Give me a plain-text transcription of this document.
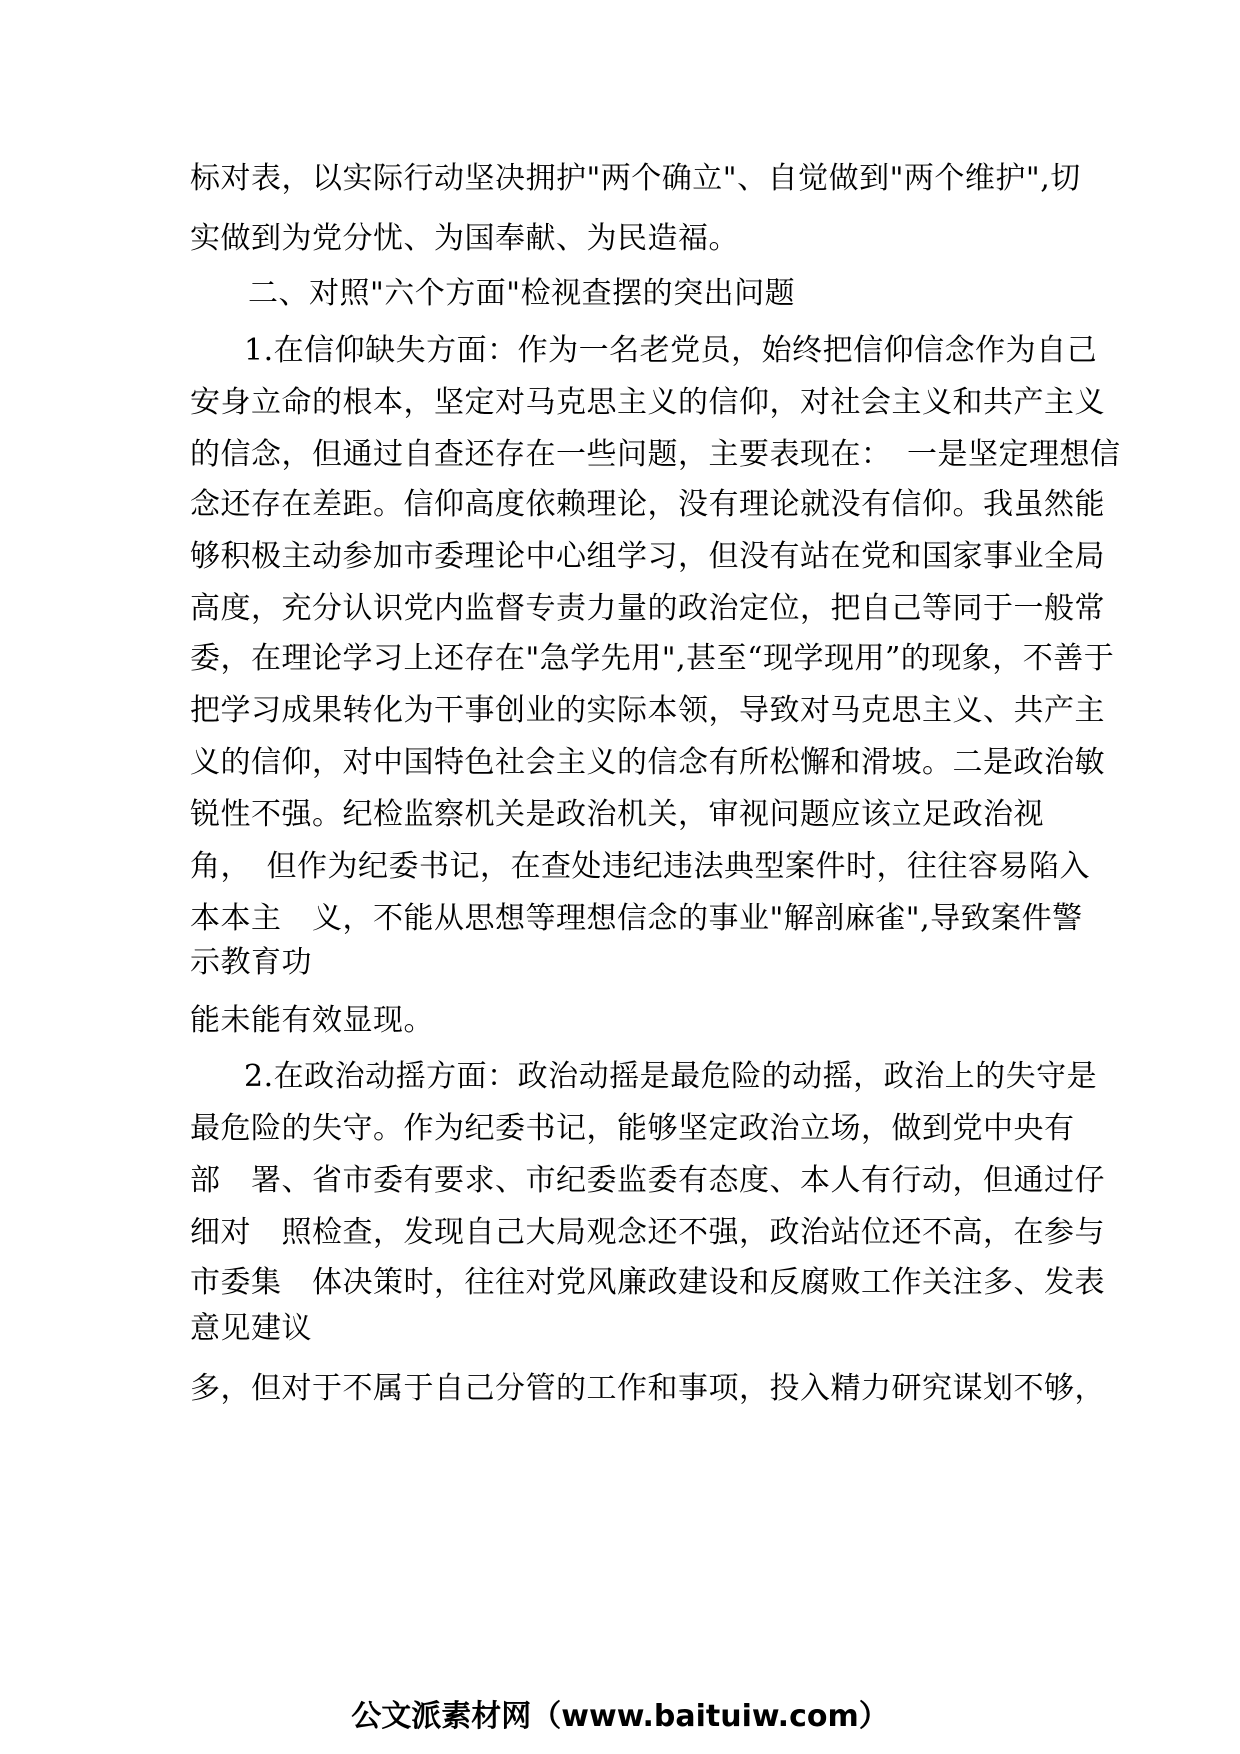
标对表，以实际行动坚决拥护"两个确立"、自觉做到"两个维护",切
实做到为党分忧、为国奉献、为民造福。
二、对照"六个方面"检视查摆的突出问题
1.在信仰缺失方面：作为一名老党员，始终把信仰信念作为自己
安身立命的根本，坚定对马克思主义的信仰，对社会主义和共产主义
的信念，但通过自查还存在一些问题，主要表现在：　一是坚定理想信
念还存在差距。信仰高度依赖理论，没有理论就没有信仰。我虽然能
够积极主动参加市委理论中心组学习，但没有站在党和国家事业全局
高度，充分认识党内监督专责力量的政治定位，把自己等同于一般常
委，在理论学习上还存在"急学先用",甚至“现学现用”的现象，不善于
把学习成果转化为干事创业的实际本领，导致对马克思主义、共产主
义的信仰，对中国特色社会主义的信念有所松懈和滑坡。二是政治敏
锐性不强。纪检监察机关是政治机关，审视问题应该立足政治视
角，　但作为纪委书记，在查处违纪违法典型案件时，往往容易陷入
本本主　义，不能从思想等理想信念的事业"解剖麻雀",导致案件警
示教育功
能未能有效显现。
2.在政治动摇方面：政治动摇是最危险的动摇，政治上的失守是
最危险的失守。作为纪委书记，能够坚定政治立场，做到党中央有
部　署、省市委有要求、市纪委监委有态度、本人有行动，但通过仔
细对　照检查，发现自己大局观念还不强，政治站位还不高，在参与
市委集　体决策时，往往对党风廉政建设和反腐败工作关注多、发表
意见建议
多，但对于不属于自己分管的工作和事项，投入精力研究谋划不够，
公文派素材网（www.baituiw.com）
